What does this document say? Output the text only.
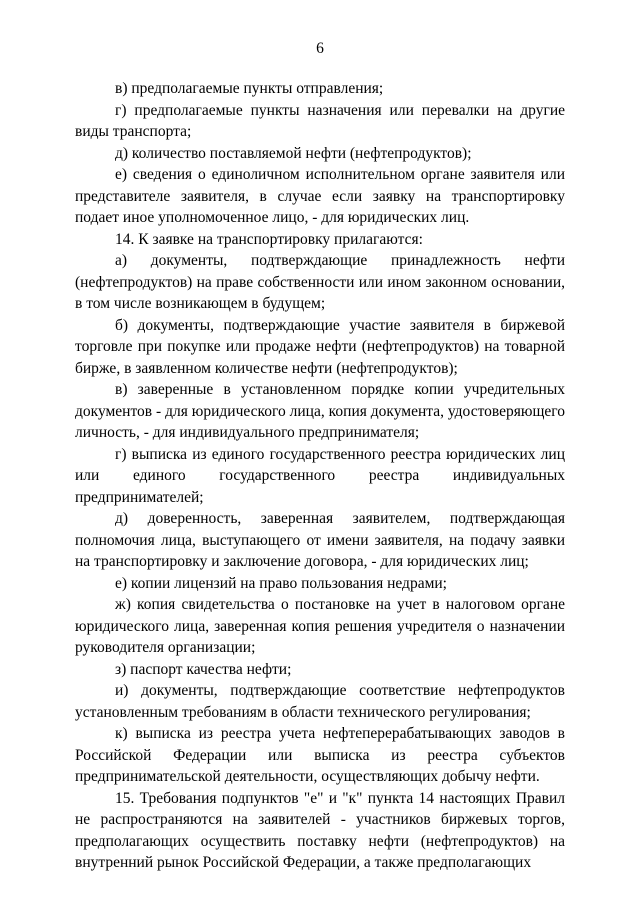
6

в) предполагаемые пункты отправления;

г) предполагаемые пункты назначения или перевалки на другие виды транспорта;

д) количество поставляемой нефти (нефтепродуктов);

е) сведения о единоличном исполнительном органе заявителя или представителе заявителя, в случае если заявку на транспортировку подает иное уполномоченное лицо, - для юридических лиц.

14. К заявке на транспортировку прилагаются:

а) документы, подтверждающие принадлежность нефти (нефтепродуктов) на праве собственности или ином законном основании, в том числе возникающем в будущем;

б) документы, подтверждающие участие заявителя в биржевой торговле при покупке или продаже нефти (нефтепродуктов) на товарной бирже, в заявленном количестве нефти (нефтепродуктов);

в) заверенные в установленном порядке копии учредительных документов - для юридического лица, копия документа, удостоверяющего личность, - для индивидуального предпринимателя;

г) выписка из единого государственного реестра юридических лиц или единого государственного реестра индивидуальных предпринимателей;

д) доверенность, заверенная заявителем, подтверждающая полномочия лица, выступающего от имени заявителя, на подачу заявки на транспортировку и заключение договора, - для юридических лиц;

е) копии лицензий на право пользования недрами;

ж) копия свидетельства о постановке на учет в налоговом органе юридического лица, заверенная копия решения учредителя о назначении руководителя организации;

з) паспорт качества нефти;

и) документы, подтверждающие соответствие нефтепродуктов установленным требованиям в области технического регулирования;

к) выписка из реестра учета нефтеперерабатывающих заводов в Российской Федерации или выписка из реестра субъектов предпринимательской деятельности, осуществляющих добычу нефти.

15. Требования подпунктов "е" и "к" пункта 14 настоящих Правил не распространяются на заявителей - участников биржевых торгов, предполагающих осуществить поставку нефти (нефтепродуктов) на внутренний рынок Российской Федерации, а также предполагающих
